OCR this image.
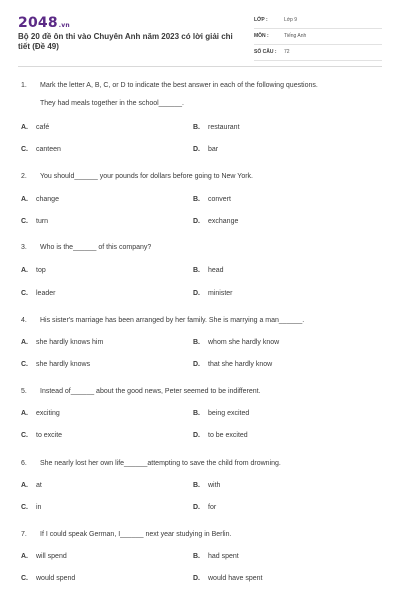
2048.vn
Bộ 20 đề ôn thi vào Chuyên Anh năm 2023 có lời giải chi tiết (Đề 49)
LỚP :	Lớp 9
MÔN :	Tiếng Anh
SỐ CÂU : 72
1. Mark the letter A, B, C, or D to indicate the best answer in each of the following questions.
They had meals together in the school______.
A. café	B. restaurant
C. canteen	D. bar
2. You should______ your pounds for dollars before going to New York.
A. change	B. convert
C. turn	D. exchange
3. Who is the______ of this company?
A. top	B. head
C. leader	D. minister
4. His sister's marriage has been arranged by her family. She is marrying a man______.
A. she hardly knows him	B. whom she hardly know
C. she hardly knows	D. that she hardly know
5. Instead of______ about the good news, Peter seemed to be indifferent.
A. exciting	B. being excited
C. to excite	D. to be excited
6. She nearly lost her own life______attempting to save the child from drowning.
A. at	B. with
C. in	D. for
7. If I could speak German, I______ next year studying in Berlin.
A. will spend	B. had spent
C. would spend	D. would have spent
